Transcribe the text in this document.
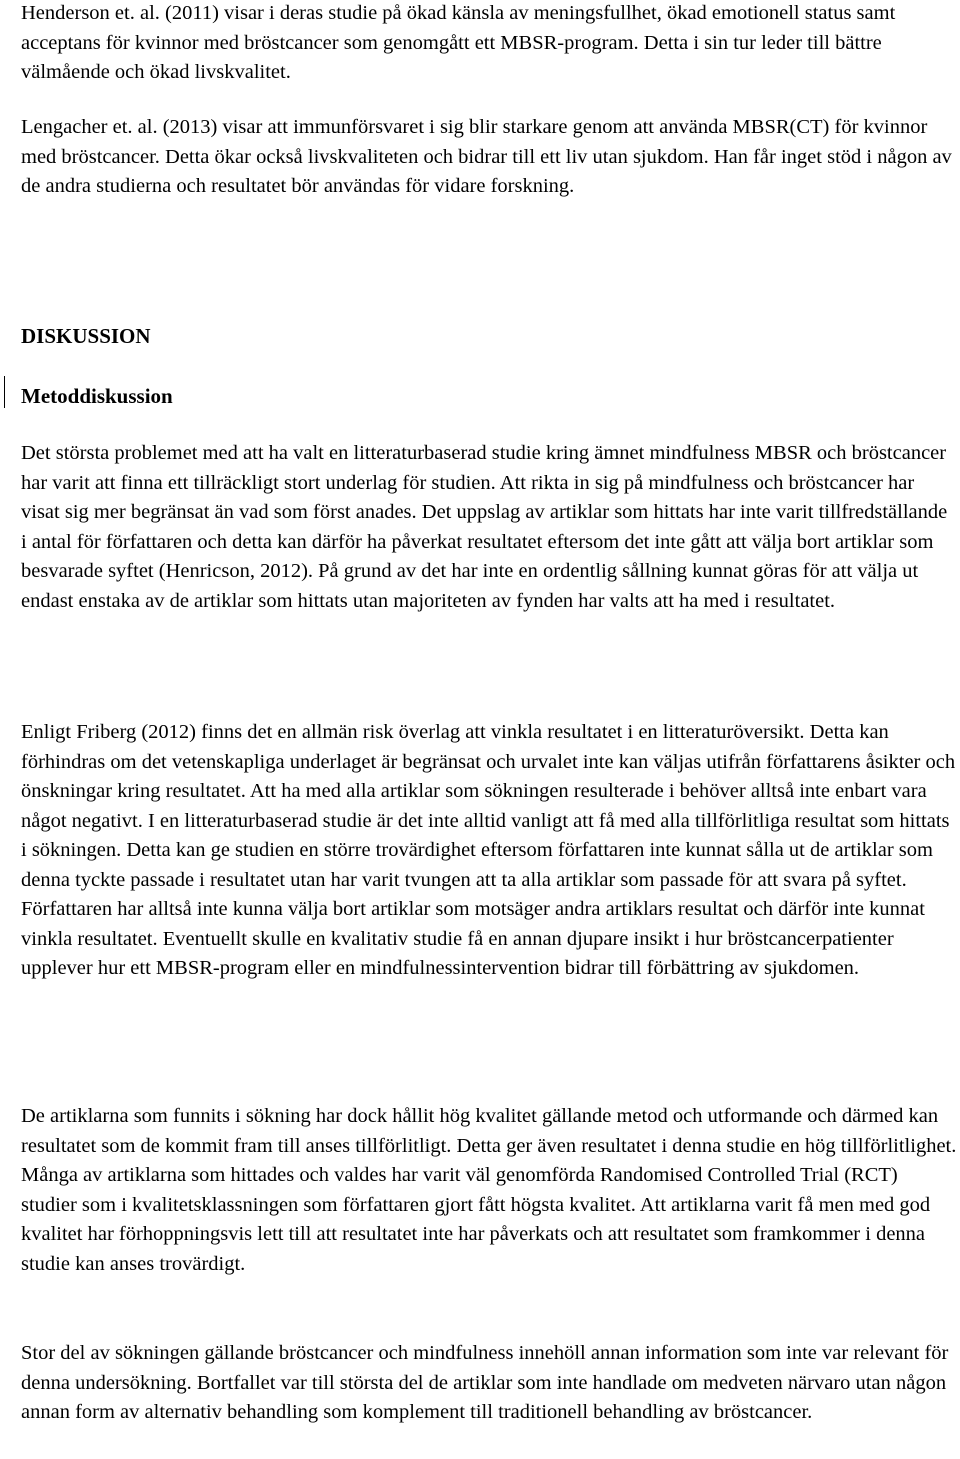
Henderson et. al. (2011) visar i deras studie på ökad känsla av meningsfullhet, ökad emotionell status samt acceptans för kvinnor med bröstcancer som genomgått ett MBSR-program. Detta i sin tur leder till bättre välmående och ökad livskvalitet.

Lengacher et. al. (2013) visar att immunförsvaret i sig blir starkare genom att använda MBSR(CT) för kvinnor med bröstcancer. Detta ökar också livskvaliteten och bidrar till ett liv utan sjukdom. Han får inget stöd i någon av de andra studierna och resultatet bör användas för vidare forskning.

DISKUSSION
Metoddiskussion

Det största problemet med att ha valt en litteraturbaserad studie kring ämnet mindfulness MBSR och bröstcancer har varit att finna ett tillräckligt stort underlag för studien. Att rikta in sig på mindfulness och bröstcancer har visat sig mer begränsat än vad som först anades. Det uppslag av artiklar som hittats har inte varit tillfredställande i antal för författaren och detta kan därför ha påverkat resultatet eftersom det inte gått att välja bort artiklar som besvarade syftet (Henricson, 2012). På grund av det har inte en ordentlig sållning kunnat göras för att välja ut endast enstaka av de artiklar som hittats utan majoriteten av fynden har valts att ha med i resultatet.

Enligt Friberg (2012) finns det en allmän risk överlag att vinkla resultatet i en litteraturöversikt. Detta kan förhindras om det vetenskapliga underlaget är begränsat och urvalet inte kan väljas utifrån författarens åsikter och önskningar kring resultatet. Att ha med alla artiklar som sökningen resulterade i behöver alltså inte enbart vara något negativt. I en litteraturbaserad studie är det inte alltid vanligt att få med alla tillförlitliga resultat som hittats i sökningen. Detta kan ge studien en större trovärdighet eftersom författaren inte kunnat sålla ut de artiklar som denna tyckte passade i resultatet utan har varit tvungen att ta alla artiklar som passade för att svara på syftet. Författaren har alltså inte kunna välja bort artiklar som motsäger andra artiklars resultat och därför inte kunnat vinkla resultatet. Eventuellt skulle en kvalitativ studie få en annan djupare insikt i hur bröstcancerpatienter upplever hur ett MBSR-program eller en mindfulnessintervention bidrar till förbättring av sjukdomen.

De artiklarna som funnits i sökning har dock hållit hög kvalitet gällande metod och utformande och därmed kan resultatet som de kommit fram till anses tillförlitligt. Detta ger även resultatet i denna studie en hög tillförlitlighet. Många av artiklarna som hittades och valdes har varit väl genomförda Randomised Controlled Trial (RCT) studier som i kvalitetsklassningen som författaren gjort fått högsta kvalitet. Att artiklarna varit få men med god kvalitet har förhoppningsvis lett till att resultatet inte har påverkats och att resultatet som framkommer i denna studie kan anses trovärdigt.

Stor del av sökningen gällande bröstcancer och mindfulness innehöll annan information som inte var relevant för denna undersökning. Bortfallet var till största del de artiklar som inte handlade om medveten närvaro utan någon annan form av alternativ behandling som komplement till traditionell behandling av bröstcancer.
